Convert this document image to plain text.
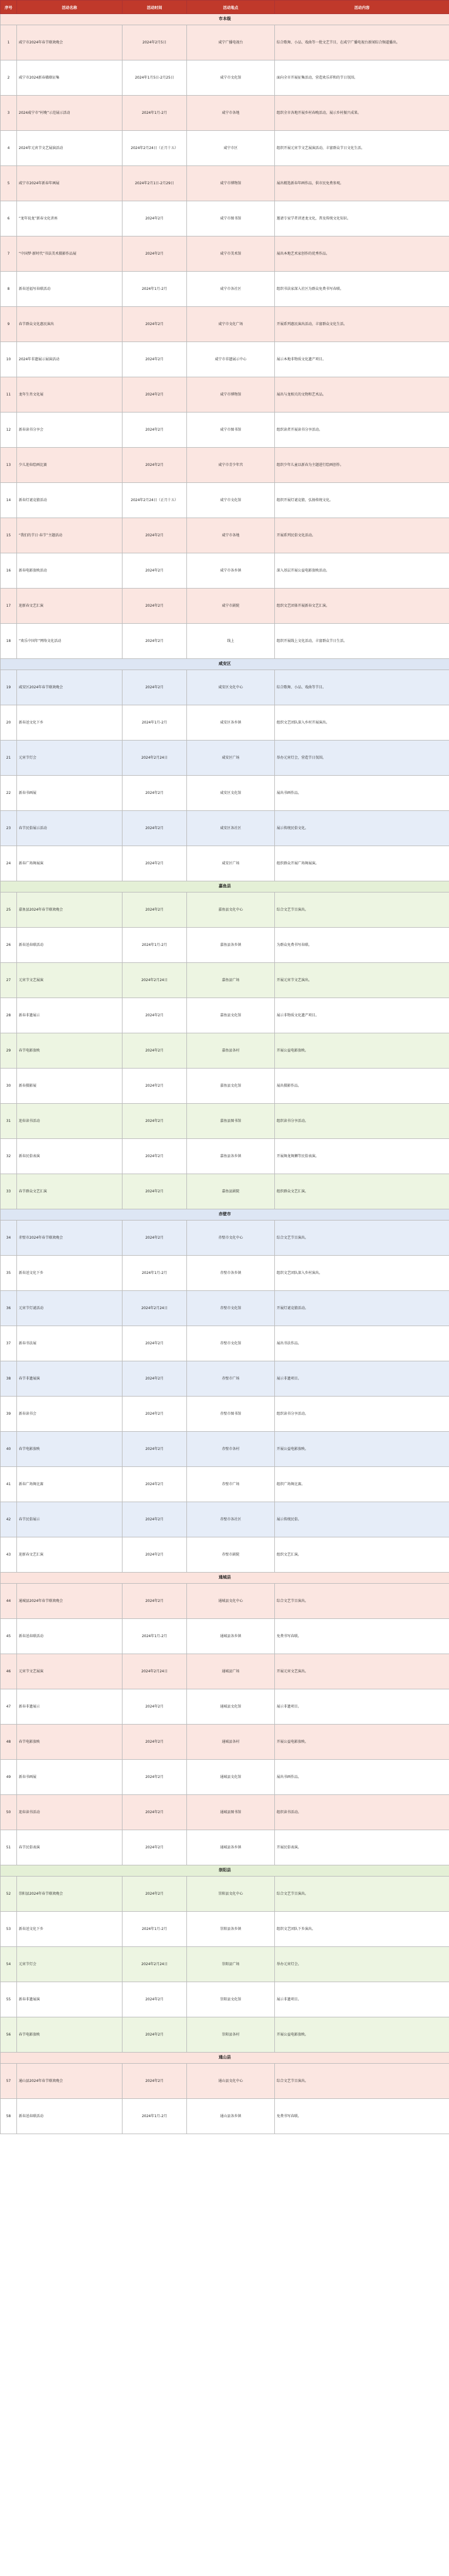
序号	活动名称	活动时间	活动地点	活动内容
市本级				
1	咸宁市2024年春节联欢晚会	2024年2月5日	咸宁广播电视台	综合歌舞、小品、戏曲等一批文艺节目，在咸宁广播电视台新闻综合频道播出。
2	咸宁市2024新春楹联征集	2024年1月5日-2月25日	咸宁市文化馆	面向全市开展征集活动，营造欢乐祥和的节日氛围。
3	2024咸宁市“村晚”示范展示活动	2024年1月-2月	咸宁市各地	组织全市各地开展乡村春晚活动，展示乡村振兴成果。
4	2024年元宵节文艺展演活动	2024年2月24日（正月十五）	咸宁市区	组织开展元宵节文艺展演活动，丰富群众节日文化生活。
5	咸宁市2024年新春年画展	2024年2月1日-2月29日	咸宁市博物馆	展出精选新春年画作品，供市民免费参观。
6	“龙年说龙”新春文化讲座	2024年2月	咸宁市图书馆	邀请专家学者讲述龙文化，普及传统文化知识。
7	“中国梦·新时代”书法美术摄影作品展	2024年2月	咸宁市美术馆	展出本地艺术家创作的优秀作品。
8	新春送福写春联活动	2024年1月-2月	咸宁市各社区	组织书法家深入社区为群众免费书写春联。
9	春节群众文化惠民演出	2024年2月	咸宁市文化广场	开展系列惠民演出活动，丰富群众文化生活。
10	2024年非遗展示展演活动	2024年2月	咸宁市非遗展示中心	展示本地非物质文化遗产项目。
11	龙年生肖文化展	2024年2月	咸宁市博物馆	展出与龙相关的文物和艺术品。
12	新春读书分享会	2024年2月	咸宁市图书馆	组织读者开展读书分享活动。
13	少儿迎春绘画比赛	2024年2月	咸宁市青少年宫	组织少年儿童以新春为主题进行绘画创作。
14	新春灯谜竞猜活动	2024年2月24日（正月十五）	咸宁市文化馆	组织开展灯谜竞猜，弘扬传统文化。
15	“我们的节日·春节”主题活动	2024年2月	咸宁市各地	开展系列民俗文化活动。
16	新春电影放映活动	2024年2月	咸宁市各乡镇	深入基层开展公益电影放映活动。
17	迎新春文艺汇演	2024年2月	咸宁市剧院	组织文艺团体开展新春文艺汇演。
18	“欢乐中国年”网络文化活动	2024年2月	线上	组织开展线上文化活动，丰富群众节日生活。
咸安区				
19	咸安区2024年春节联欢晚会	2024年2月	咸安区文化中心	综合歌舞、小品、戏曲等节目。
20	新春送文化下乡	2024年1月-2月	咸安区各乡镇	组织文艺团队深入乡村开展演出。
21	元宵节灯会	2024年2月24日	咸安区广场	举办元宵灯会，营造节日氛围。
22	新春书画展	2024年2月	咸安区文化馆	展出书画作品。
23	春节民俗展示活动	2024年2月	咸安区各社区	展示传统民俗文化。
24	新春广场舞展演	2024年2月	咸安区广场	组织群众开展广场舞展演。
嘉鱼县				
25	嘉鱼县2024年春节联欢晚会	2024年2月	嘉鱼县文化中心	综合文艺节目演出。
26	新春送春联活动	2024年1月-2月	嘉鱼县各乡镇	为群众免费书写春联。
27	元宵节文艺展演	2024年2月24日	嘉鱼县广场	开展元宵节文艺演出。
28	新春非遗展示	2024年2月	嘉鱼县文化馆	展示非物质文化遗产项目。
29	春节电影放映	2024年2月	嘉鱼县各村	开展公益电影放映。
30	新春摄影展	2024年2月	嘉鱼县文化馆	展出摄影作品。
31	迎春读书活动	2024年2月	嘉鱼县图书馆	组织读书分享活动。
32	新春民俗表演	2024年2月	嘉鱼县各乡镇	开展舞龙舞狮等民俗表演。
33	春节群众文艺汇演	2024年2月	嘉鱼县剧院	组织群众文艺汇演。
赤壁市				
34	赤壁市2024年春节联欢晚会	2024年2月	赤壁市文化中心	综合文艺节目演出。
35	新春送文化下乡	2024年1月-2月	赤壁市各乡镇	组织文艺团队深入乡村演出。
36	元宵节灯谜活动	2024年2月24日	赤壁市文化馆	开展灯谜竞猜活动。
37	新春书法展	2024年2月	赤壁市文化馆	展出书法作品。
38	春节非遗展演	2024年2月	赤壁市广场	展示非遗项目。
39	新春读书会	2024年2月	赤壁市图书馆	组织读书分享活动。
40	春节电影放映	2024年2月	赤壁市各村	开展公益电影放映。
41	新春广场舞比赛	2024年2月	赤壁市广场	组织广场舞比赛。
42	春节民俗展示	2024年2月	赤壁市各社区	展示传统民俗。
43	迎新春文艺汇演	2024年2月	赤壁市剧院	组织文艺汇演。
通城县				
44	通城县2024年春节联欢晚会	2024年2月	通城县文化中心	综合文艺节目演出。
45	新春送春联活动	2024年1月-2月	通城县各乡镇	免费书写春联。
46	元宵节文艺展演	2024年2月24日	通城县广场	开展元宵文艺演出。
47	新春非遗展示	2024年2月	通城县文化馆	展示非遗项目。
48	春节电影放映	2024年2月	通城县各村	开展公益电影放映。
49	新春书画展	2024年2月	通城县文化馆	展出书画作品。
50	迎春读书活动	2024年2月	通城县图书馆	组织读书活动。
51	春节民俗表演	2024年2月	通城县各乡镇	开展民俗表演。
崇阳县				
52	崇阳县2024年春节联欢晚会	2024年2月	崇阳县文化中心	综合文艺节目演出。
53	新春送文化下乡	2024年1月-2月	崇阳县各乡镇	组织文艺团队下乡演出。
54	元宵节灯会	2024年2月24日	崇阳县广场	举办元宵灯会。
55	新春非遗展演	2024年2月	崇阳县文化馆	展示非遗项目。
56	春节电影放映	2024年2月	崇阳县各村	开展公益电影放映。
通山县				
57	通山县2024年春节联欢晚会	2024年2月	通山县文化中心	综合文艺节目演出。
58	新春送春联活动	2024年1月-2月	通山县各乡镇	免费书写春联。
